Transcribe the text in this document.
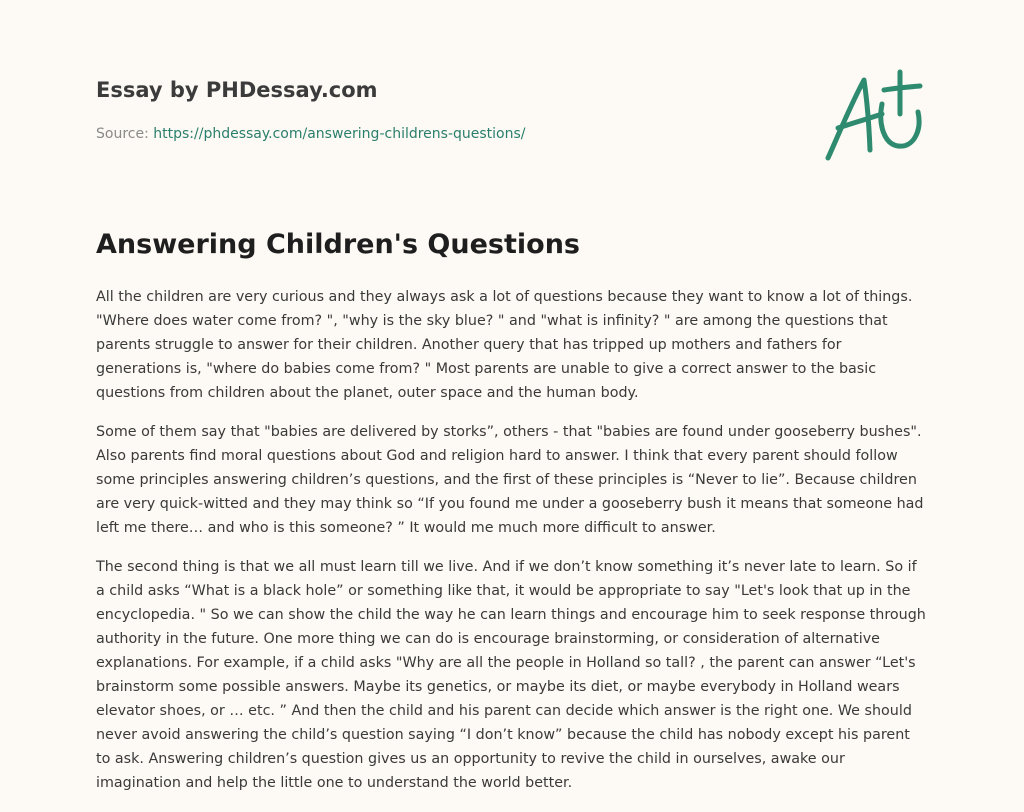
Essay by PHDessay.com
Source: https://phdessay.com/answering-childrens-questions/
Answering Children's Questions

All the children are very curious and they always ask a lot of questions because they want to know a lot of things. "Where does water come from? ", "why is the sky blue? " and "what is infinity? " are among the questions that parents struggle to answer for their children. Another query that has tripped up mothers and fathers for generations is, "where do babies come from? " Most parents are unable to give a correct answer to the basic questions from children about the planet, outer space and the human body.

Some of them say that "babies are delivered by storks”, others - that "babies are found under gooseberry bushes". Also parents find moral questions about God and religion hard to answer. I think that every parent should follow some principles answering children’s questions, and the first of these principles is “Never to lie”. Because children are very quick-witted and they may think so “If you found me under a gooseberry bush it means that someone had left me there… and who is this someone? ” It would me much more difficult to answer.

The second thing is that we all must learn till we live. And if we don’t know something it’s never late to learn. So if a child asks “What is a black hole” or something like that, it would be appropriate to say "Let's look that up in the encyclopedia. " So we can show the child the way he can learn things and encourage him to seek response through authority in the future. One more thing we can do is encourage brainstorming, or consideration of alternative explanations. For example, if a child asks "Why are all the people in Holland so tall? , the parent can answer “Let's brainstorm some possible answers. Maybe its genetics, or maybe its diet, or maybe everybody in Holland wears elevator shoes, or … etc. ” And then the child and his parent can decide which answer is the right one. We should never avoid answering the child’s question saying “I don’t know” because the child has nobody except his parent to ask. Answering children’s question gives us an opportunity to revive the child in ourselves, awake our imagination and help the little one to understand the world better.
